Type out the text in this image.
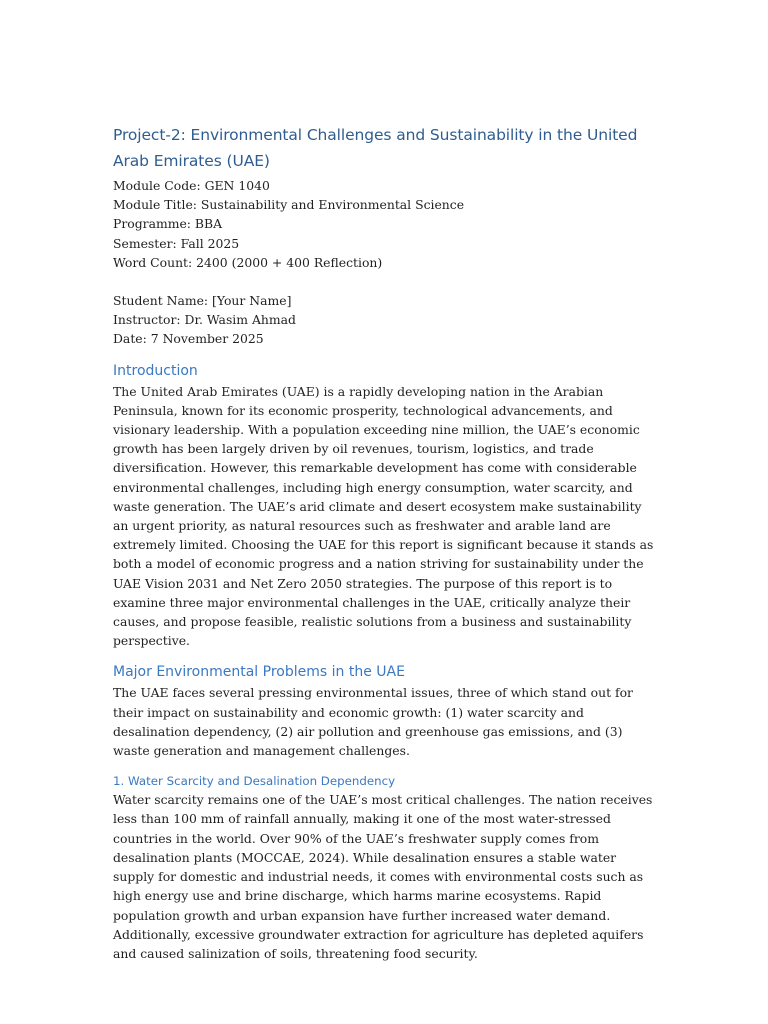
Project-2: Environmental Challenges and Sustainability in the United Arab Emirates (UAE)

Module Code: GEN 1040

Module Title: Sustainability and Environmental Science

Programme: BBA

Semester: Fall 2025

Word Count: 2400 (2000 + 400 Reflection)

Student Name: [Your Name]

Instructor: Dr. Wasim Ahmad

Date: 7 November 2025

Introduction

The United Arab Emirates (UAE) is a rapidly developing nation in the Arabian Peninsula, known for its economic prosperity, technological advancements, and visionary leadership. With a population exceeding nine million, the UAE’s economic growth has been largely driven by oil revenues, tourism, logistics, and trade diversification. However, this remarkable development has come with considerable environmental challenges, including high energy consumption, water scarcity, and waste generation. The UAE’s arid climate and desert ecosystem make sustainability an urgent priority, as natural resources such as freshwater and arable land are extremely limited. Choosing the UAE for this report is significant because it stands as both a model of economic progress and a nation striving for sustainability under the UAE Vision 2031 and Net Zero 2050 strategies. The purpose of this report is to examine three major environmental challenges in the UAE, critically analyze their causes, and propose feasible, realistic solutions from a business and sustainability perspective.

Major Environmental Problems in the UAE

The UAE faces several pressing environmental issues, three of which stand out for their impact on sustainability and economic growth: (1) water scarcity and desalination dependency, (2) air pollution and greenhouse gas emissions, and (3) waste generation and management challenges.

1. Water Scarcity and Desalination Dependency

Water scarcity remains one of the UAE’s most critical challenges. The nation receives less than 100 mm of rainfall annually, making it one of the most water-stressed countries in the world. Over 90% of the UAE’s freshwater supply comes from desalination plants (MOCCAE, 2024). While desalination ensures a stable water supply for domestic and industrial needs, it comes with environmental costs such as high energy use and brine discharge, which harms marine ecosystems. Rapid population growth and urban expansion have further increased water demand. Additionally, excessive groundwater extraction for agriculture has depleted aquifers and caused salinization of soils, threatening food security.
